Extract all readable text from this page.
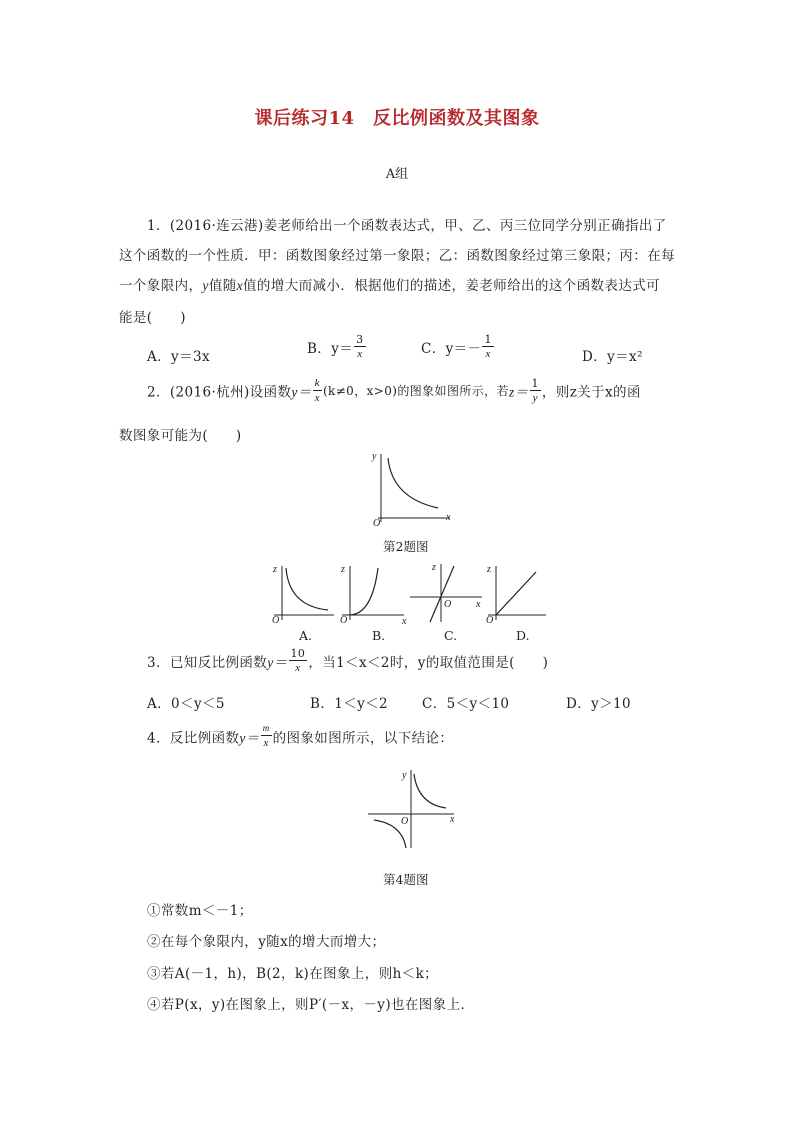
课后练习14　反比例函数及其图象
A组
1．(2016·连云港)姜老师给出一个函数表达式，甲、乙、丙三位同学分别正确指出了
这个函数的一个性质．甲：函数图象经过第一象限；乙：函数图象经过第三象限；丙：在每
一个象限内，y值随x值的增大而减小．根据他们的描述，姜老师给出的这个函数表达式可
能是(　　)
A．y＝3x	B．$y= \frac{3}{x}$	C．$y=- \frac{1}{x}$	D．y＝x²
2．(2016·杭州)设函数$y= \frac{k}{x} (k\ne 0$，x>0)的图象如图所示，若$z= \frac{1}{y}$ ，则z关于x的函
数图象可能为(　　)
y
x
O
第2题图
z
O
z
O	x
z
O x
z
O
A.	B.	C.	D.
3．已知反比例函数$y= \frac{10}{x}$ ，当1＜x＜2时，y的取值范围是(　　)
A．0＜y＜5	B．1＜y＜2	C．5＜y＜10	D．y＞10
4．反比例函数$y= \frac{m}{x}$ 的图象如图所示，以下结论：
y
x
O
第4题图
①常数m＜－1；
②在每个象限内，y随x的增大而增大；
③若A(－1，h)，B(2，k)在图象上，则h＜k；
④若P(x，y)在图象上，则P′(－x，－y)也在图象上．
